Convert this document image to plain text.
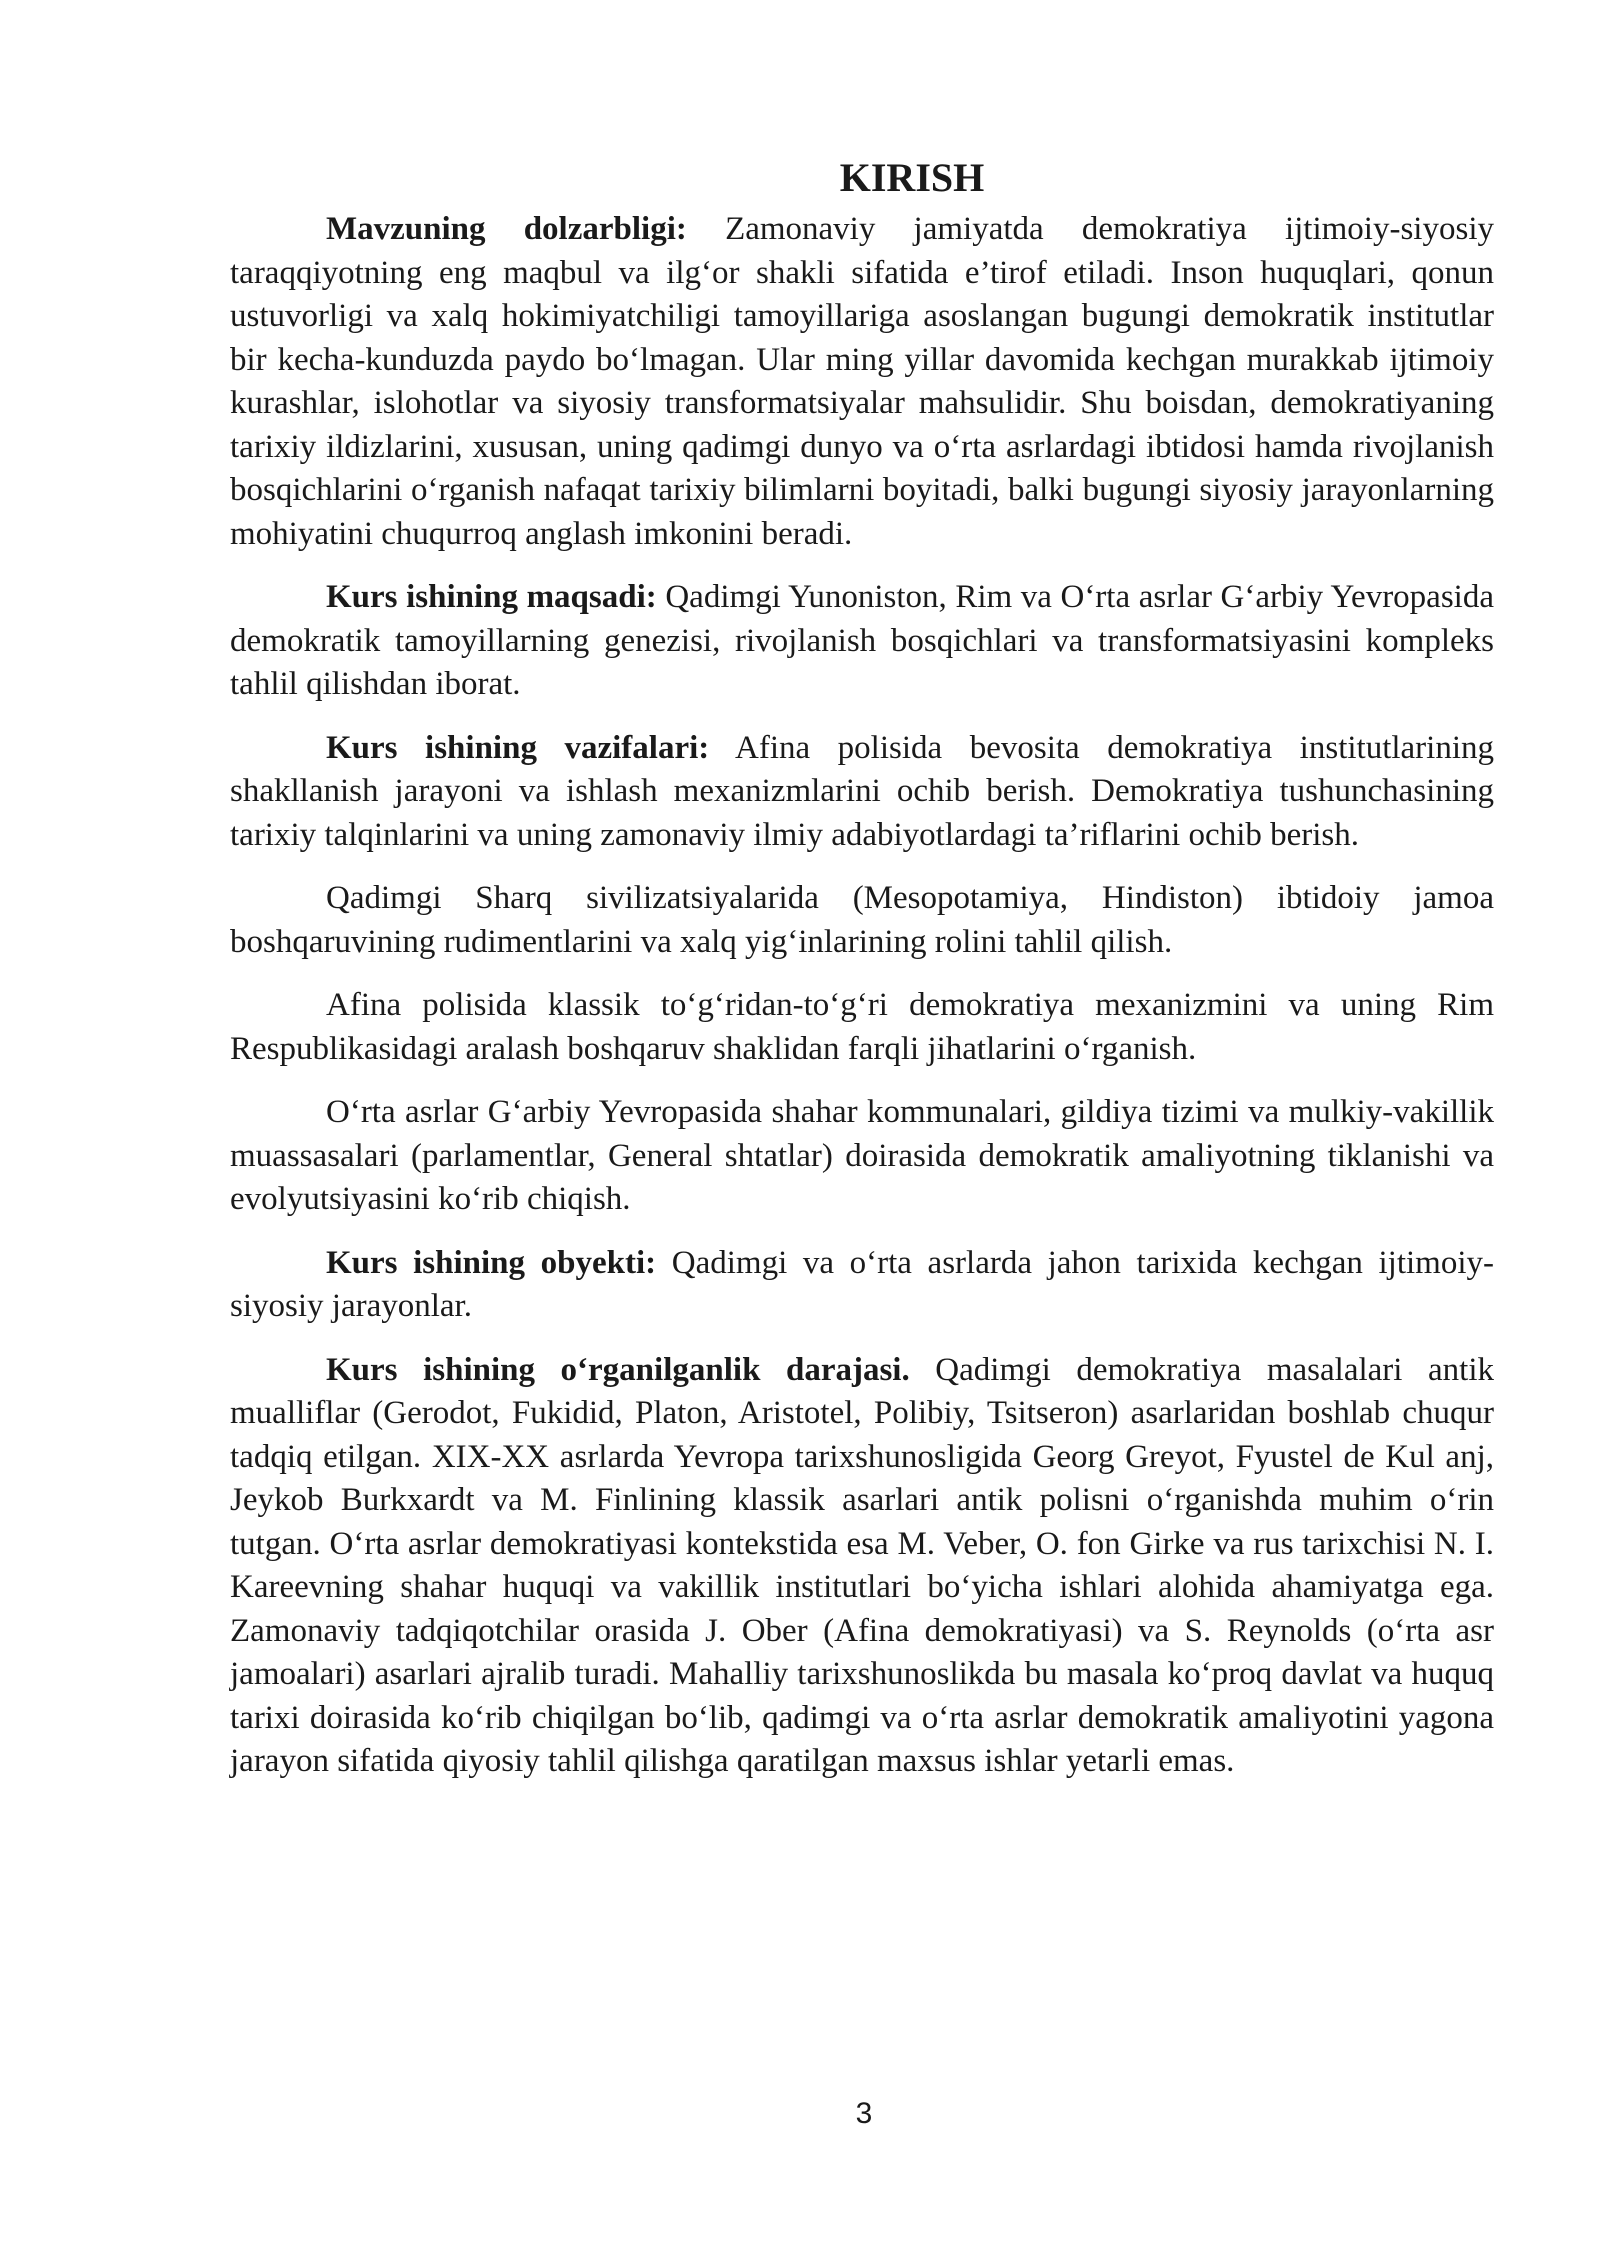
KIRISH

Mavzuning dolzarbligi: Zamonaviy jamiyatda demokratiya ijtimoiy-siyosiy taraqqiyotning eng maqbul va ilg‘or shakli sifatida e’tirof etiladi. Inson huquqlari, qonun ustuvorligi va xalq hokimiyatchiligi tamoyillariga asoslangan bugungi demokratik institutlar bir kecha-kunduzda paydo bo‘lmagan. Ular ming yillar davomida kechgan murakkab ijtimoiy kurashlar, islohotlar va siyosiy transformatsiyalar mahsulidir. Shu boisdan, demokratiyaning tarixiy ildizlarini, xususan, uning qadimgi dunyo va o‘rta asrlardagi ibtidosi hamda rivojlanish bosqichlarini o‘rganish nafaqat tarixiy bilimlarni boyitadi, balki bugungi siyosiy jarayonlarning mohiyatini chuqurroq anglash imkonini beradi.

Kurs ishining maqsadi: Qadimgi Yunoniston, Rim va O‘rta asrlar G‘arbiy Yevropasida demokratik tamoyillarning genezisi, rivojlanish bosqichlari va transformatsiyasini kompleks tahlil qilishdan iborat.

Kurs ishining vazifalari: Afina polisida bevosita demokratiya institutlarining shakllanish jarayoni va ishlash mexanizmlarini ochib berish. Demokratiya tushunchasining tarixiy talqinlarini va uning zamonaviy ilmiy adabiyotlardagi ta’riflarini ochib berish.

Qadimgi Sharq sivilizatsiyalarida (Mesopotamiya, Hindiston) ibtidoiy jamoa boshqaruvining rudimentlarini va xalq yig‘inlarining rolini tahlil qilish.

Afina polisida klassik to‘g‘ridan-to‘g‘ri demokratiya mexanizmini va uning Rim Respublikasidagi aralash boshqaruv shaklidan farqli jihatlarini o‘rganish.

O‘rta asrlar G‘arbiy Yevropasida shahar kommunalari, gildiya tizimi va mulkiy-vakillik muassasalari (parlamentlar, General shtatlar) doirasida demokratik amaliyotning tiklanishi va evolyutsiyasini ko‘rib chiqish.

Kurs ishining obyekti: Qadimgi va o‘rta asrlarda jahon tarixida kechgan ijtimoiy-siyosiy jarayonlar.

Kurs ishining o‘rganilganlik darajasi. Qadimgi demokratiya masalalari antik mualliflar (Gerodot, Fukidid, Platon, Aristotel, Polibiy, Tsitseron) asarlaridan boshlab chuqur tadqiq etilgan. XIX-XX asrlarda Yevropa tarixshunosligida Georg Greyot, Fyustel de Kul anj, Jeykob Burkxardt va M. Finlining klassik asarlari antik polisni o‘rganishda muhim o‘rin tutgan. O‘rta asrlar demokratiyasi kontekstida esa M. Veber, O. fon Girke va rus tarixchisi N. I. Kareevning shahar huquqi va vakillik institutlari bo‘yicha ishlari alohida ahamiyatga ega. Zamonaviy tadqiqotchilar orasida J. Ober (Afina demokratiyasi) va S. Reynolds (o‘rta asr jamoalari) asarlari ajralib turadi. Mahalliy tarixshunoslikda bu masala ko‘proq davlat va huquq tarixi doirasida ko‘rib chiqilgan bo‘lib, qadimgi va o‘rta asrlar demokratik amaliyotini yagona jarayon sifatida qiyosiy tahlil qilishga qaratilgan maxsus ishlar yetarli emas.

3
